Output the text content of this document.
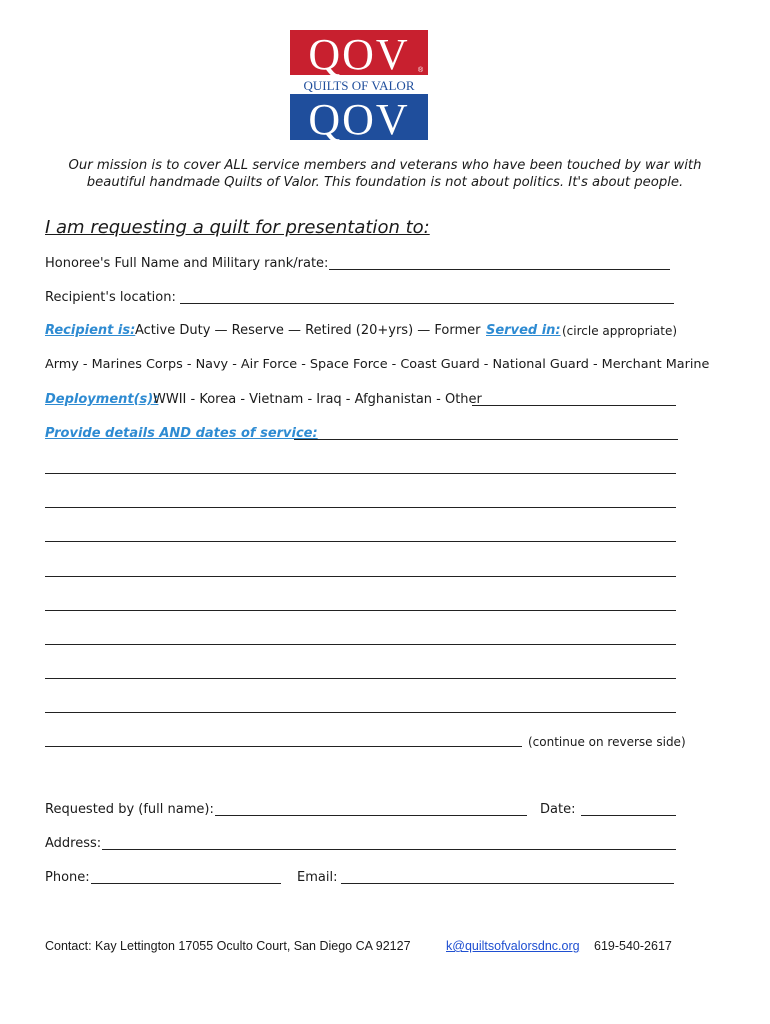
QOV ®
QUILTS OF VALOR
QOV
Our mission is to cover ALL service members and veterans who have been touched by war with
beautiful handmade Quilts of Valor. This foundation is not about politics. It's about people.
I am requesting a quilt for presentation to:
Honoree's Full Name and Military rank/rate:
Recipient's location:
Recipient is: Active Duty — Reserve — Retired (20+yrs) — Former Served in: (circle appropriate)
Army - Marines Corps - Navy - Air Force - Space Force - Coast Guard - National Guard - Merchant Marine
Deployment(s):
WWII - Korea - Vietnam - Iraq - Afghanistan - Other
Provide details AND dates of service:
(continue on reverse side)
Requested by (full name):	Date:
Address:
Phone:	Email:
Contact: Kay Lettington 17055 Oculto Court, San Diego CA 92127	k@quiltsofvalorsdnc.org 619-540-2617
